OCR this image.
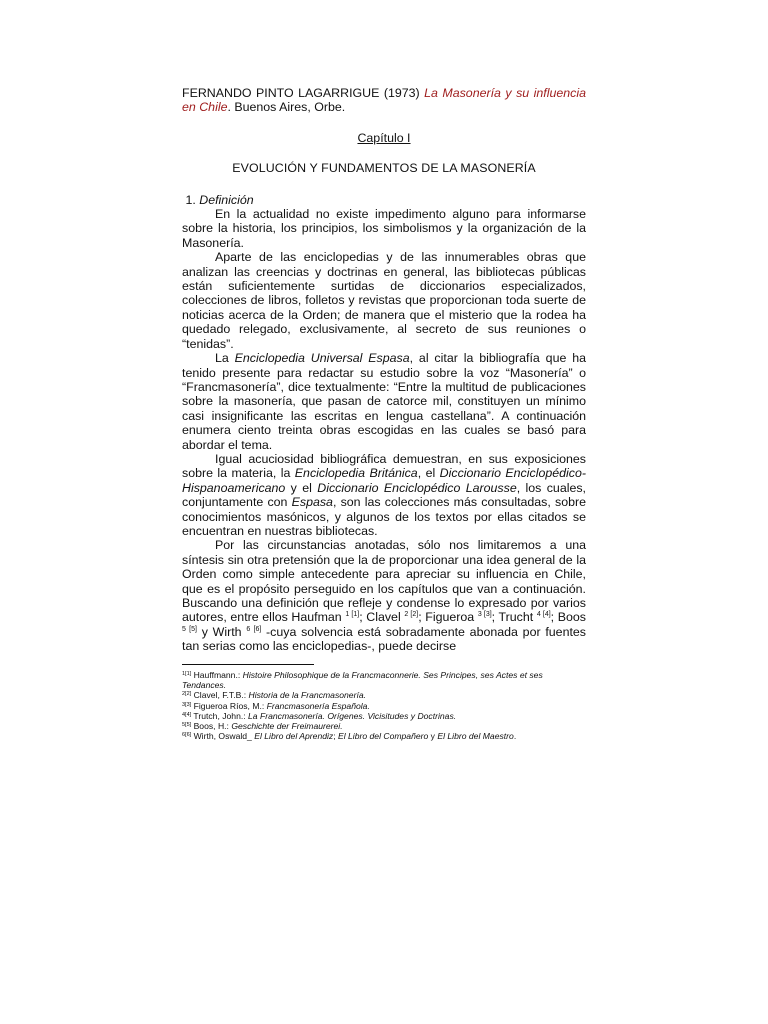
FERNANDO PINTO LAGARRIGUE (1973) La Masonería y su influencia en Chile. Buenos Aires, Orbe.

Capítulo I

EVOLUCIÓN Y FUNDAMENTOS DE LA MASONERÍA

1. Definición

En la actualidad no existe impedimento alguno para informarse sobre la historia, los principios, los simbolismos y la organización de la Masonería.

Aparte de las enciclopedias y de las innumerables obras que analizan las creencias y doctrinas en general, las bibliotecas públicas están suficientemente surtidas de diccionarios especializados, colecciones de libros, folletos y revistas que proporcionan toda suerte de noticias acerca de la Orden; de manera que el misterio que la rodea ha quedado relegado, exclusivamente, al secreto de sus reuniones o “tenidas”.

La Enciclopedia Universal Espasa, al citar la bibliografía que ha tenido presente para redactar su estudio sobre la voz “Masonería” o “Francmasonería”, dice textualmente: “Entre la multitud de publicaciones sobre la masonería, que pasan de catorce mil, constituyen un mínimo casi insignificante las escritas en lengua castellana”. A continuación enumera ciento treinta obras escogidas en las cuales se basó para abordar el tema.

Igual acuciosidad bibliográfica demuestran, en sus exposiciones sobre la materia, la Enciclopedia Británica, el Diccionario Enciclopédico-Hispanoamericano y el Diccionario Enciclopédico Larousse, los cuales, conjuntamente con Espasa, son las colecciones más consultadas, sobre conocimientos masónicos, y algunos de los textos por ellas citados se encuentran en nuestras bibliotecas.

Por las circunstancias anotadas, sólo nos limitaremos a una síntesis sin otra pretensión que la de proporcionar una idea general de la Orden como simple antecedente para apreciar su influencia en Chile, que es el propósito perseguido en los capítulos que van a continuación. Buscando una definición que refleje y condense lo expresado por varios autores, entre ellos Haufman $^{1 [1]}$; Clavel $^{2 [2]}$; Figueroa $^{3 [3]}$; Trucht $^{4 [4]}$; Boos $^{5 [5]}$ y Wirth $^{6 [6]}$ -cuya solvencia está sobradamente abonada por fuentes tan serias como las enciclopedias-, puede decirse

$^{1[1]}$ Hauffmann.: Histoire Philosophique de la Francmaconnerie. Ses Principes, ses Actes et ses Tendances.

$^{2[2]}$ Clavel, F.T.B.: Historia de la Francmasonería.

$^{3[3]}$ Figueroa Ríos, M.: Francmasonería Española.

$^{4[4]}$ Trutch, John.: La Francmasonería. Orígenes. Vicisitudes y Doctrinas.

$^{5[5]}$ Boos, H.: Geschichte der Freimaurerei.

$^{6[6]}$ Wirth, Oswald_ El Libro del Aprendiz; El Libro del Compañero y El Libro del Maestro.
